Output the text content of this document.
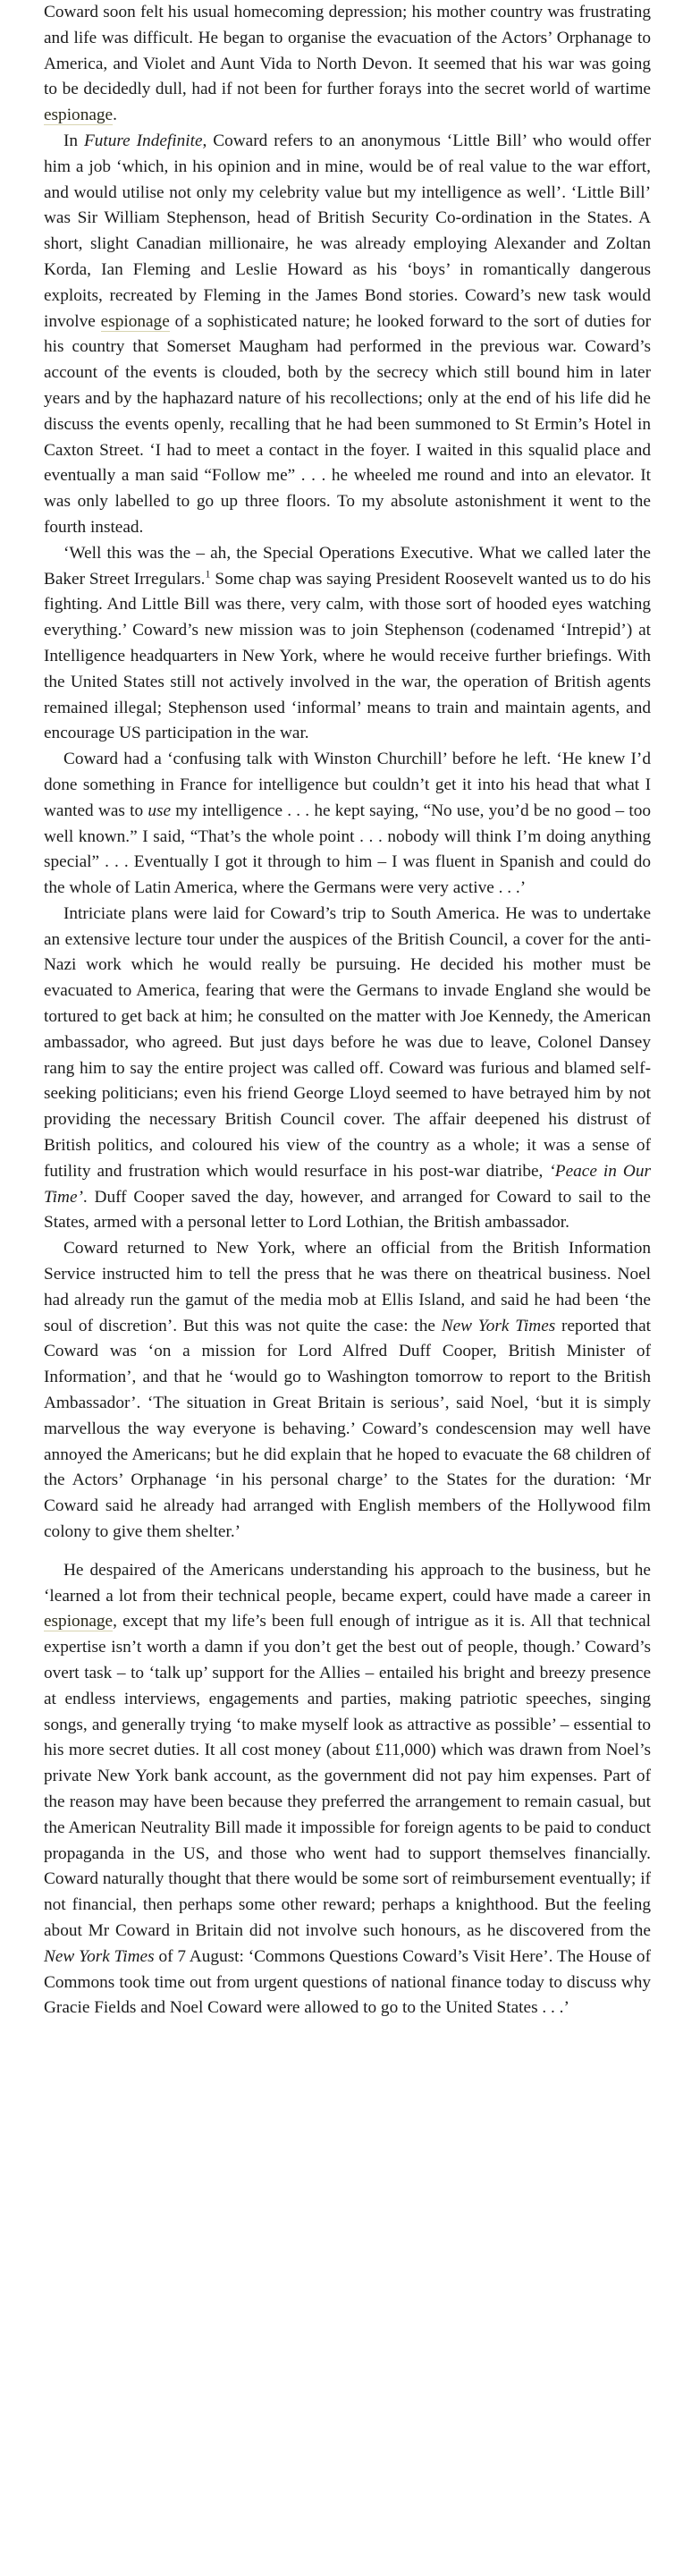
Coward soon felt his usual homecoming depression; his mother country was frustrating and life was difficult. He began to organise the evacuation of the Actors’ Orphanage to America, and Violet and Aunt Vida to North Devon. It seemed that his war was going to be decidedly dull, had if not been for further forays into the secret world of wartime espionage.

In Future Indefinite, Coward refers to an anonymous ‘Little Bill’ who would offer him a job ‘which, in his opinion and in mine, would be of real value to the war effort, and would utilise not only my celebrity value but my intelligence as well’. ‘Little Bill’ was Sir William Stephenson, head of British Security Co-ordination in the States. A short, slight Canadian millionaire, he was already employing Alexander and Zoltan Korda, Ian Fleming and Leslie Howard as his ‘boys’ in romantically dangerous exploits, recreated by Fleming in the James Bond stories. Coward’s new task would involve espionage of a sophisticated nature; he looked forward to the sort of duties for his country that Somerset Maugham had performed in the previous war. Coward’s account of the events is clouded, both by the secrecy which still bound him in later years and by the haphazard nature of his recollections; only at the end of his life did he discuss the events openly, recalling that he had been summoned to St Ermin’s Hotel in Caxton Street. ‘I had to meet a contact in the foyer. I waited in this squalid place and eventually a man said “Follow me” . . . he wheeled me round and into an elevator. It was only labelled to go up three floors. To my absolute astonishment it went to the fourth instead.

‘Well this was the – ah, the Special Operations Executive. What we called later the Baker Street Irregulars.$^1$ Some chap was saying President Roosevelt wanted us to do his fighting. And Little Bill was there, very calm, with those sort of hooded eyes watching everything.’ Coward’s new mission was to join Stephenson (codenamed ‘Intrepid’) at Intelligence headquarters in New York, where he would receive further briefings. With the United States still not actively involved in the war, the operation of British agents remained illegal; Stephenson used ‘informal’ means to train and maintain agents, and encourage US participation in the war.

Coward had a ‘confusing talk with Winston Churchill’ before he left. ‘He knew I’d done something in France for intelligence but couldn’t get it into his head that what I wanted was to use my intelligence . . . he kept saying, “No use, you’d be no good – too well known.” I said, “That’s the whole point . . . nobody will think I’m doing anything special” . . . Eventually I got it through to him – I was fluent in Spanish and could do the whole of Latin America, where the Germans were very active . . .’

Intriciate plans were laid for Coward’s trip to South America. He was to undertake an extensive lecture tour under the auspices of the British Council, a cover for the anti-Nazi work which he would really be pursuing. He decided his mother must be evacuated to America, fearing that were the Germans to invade England she would be tortured to get back at him; he consulted on the matter with Joe Kennedy, the American ambassador, who agreed. But just days before he was due to leave, Colonel Dansey rang him to say the entire project was called off. Coward was furious and blamed self-seeking politicians; even his friend George Lloyd seemed to have betrayed him by not providing the necessary British Council cover. The affair deepened his distrust of British politics, and coloured his view of the country as a whole; it was a sense of futility and frustration which would resurface in his post-war diatribe, ‘Peace in Our Time’. Duff Cooper saved the day, however, and arranged for Coward to sail to the States, armed with a personal letter to Lord Lothian, the British ambassador.

Coward returned to New York, where an official from the British Information Service instructed him to tell the press that he was there on theatrical business. Noel had already run the gamut of the media mob at Ellis Island, and said he had been ‘the soul of discretion’. But this was not quite the case: the New York Times reported that Coward was ‘on a mission for Lord Alfred Duff Cooper, British Minister of Information’, and that he ‘would go to Washington tomorrow to report to the British Ambassador’. ‘The situation in Great Britain is serious’, said Noel, ‘but it is simply marvellous the way everyone is behaving.’ Coward’s condescension may well have annoyed the Americans; but he did explain that he hoped to evacuate the 68 children of the Actors’ Orphanage ‘in his personal charge’ to the States for the duration: ‘Mr Coward said he already had arranged with English members of the Hollywood film colony to give them shelter.’

He despaired of the Americans understanding his approach to the business, but he ‘learned a lot from their technical people, became expert, could have made a career in espionage, except that my life’s been full enough of intrigue as it is. All that technical expertise isn’t worth a damn if you don’t get the best out of people, though.’ Coward’s overt task – to ‘talk up’ support for the Allies – entailed his bright and breezy presence at endless interviews, engagements and parties, making patriotic speeches, singing songs, and generally trying ‘to make myself look as attractive as possible’ – essential to his more secret duties. It all cost money (about £11,000) which was drawn from Noel’s private New York bank account, as the government did not pay him expenses. Part of the reason may have been because they preferred the arrangement to remain casual, but the American Neutrality Bill made it impossible for foreign agents to be paid to conduct propaganda in the US, and those who went had to support themselves financially. Coward naturally thought that there would be some sort of reimbursement eventually; if not financial, then perhaps some other reward; perhaps a knighthood. But the feeling about Mr Coward in Britain did not involve such honours, as he discovered from the New York Times of 7 August: ‘Commons Questions Coward’s Visit Here’. The House of Commons took time out from urgent questions of national finance today to discuss why Gracie Fields and Noel Coward were allowed to go to the United States . . .’
